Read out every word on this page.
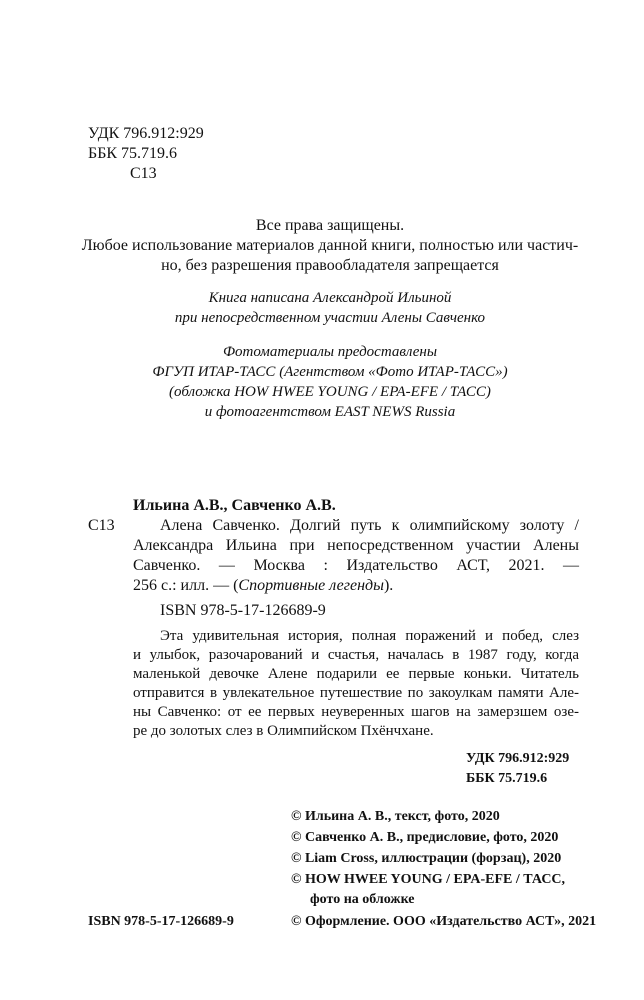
УДК 796.912:929
ББК 75.719.6
С13
Все права защищены.
Любое использование материалов данной книги, полностью или частич-
но, без разрешения правообладателя запрещается
Книга написана Александрой Ильиной
при непосредственном участии Алены Савченко
Фотоматериалы предоставлены
ФГУП ИТАР-ТАСС (Агентством «Фото ИТАР-ТАСС»)
(обложка HOW HWEE YOUNG / EPA-EFE / ТАСС)
и фотоагентством EAST NEWS Russia
Ильина А.В., Савченко А.В.
С13	Алена Савченко. Долгий путь к олимпийскому золоту /
Александра Ильина при непосредственном участии Алены
Савченко. — Москва : Издательство АСТ, 2021. —
256 с.: илл. — (Спортивные легенды).
ISBN 978-5-17-126689-9
Эта удивительная история, полная поражений и побед, слез
и улыбок, разочарований и счастья, началась в 1987 году, когда
маленькой девочке Алене подарили ее первые коньки. Читатель
отправится в увлекательное путешествие по закоулкам памяти Але-
ны Савченко: от ее первых неуверенных шагов на замерзшем озе-
ре до золотых слез в Олимпийском Пхёнчхане.
УДК 796.912:929
ББК 75.719.6
© Ильина А. В., текст, фото, 2020
© Савченко А. В., предисловие, фото, 2020
© Liam Cross, иллюстрации (форзац), 2020
© HOW HWEE YOUNG / EPA-EFE / ТАСС,
фото на обложке
© Оформление. ООО «Издательство АСТ», 2021
ISBN 978-5-17-126689-9
